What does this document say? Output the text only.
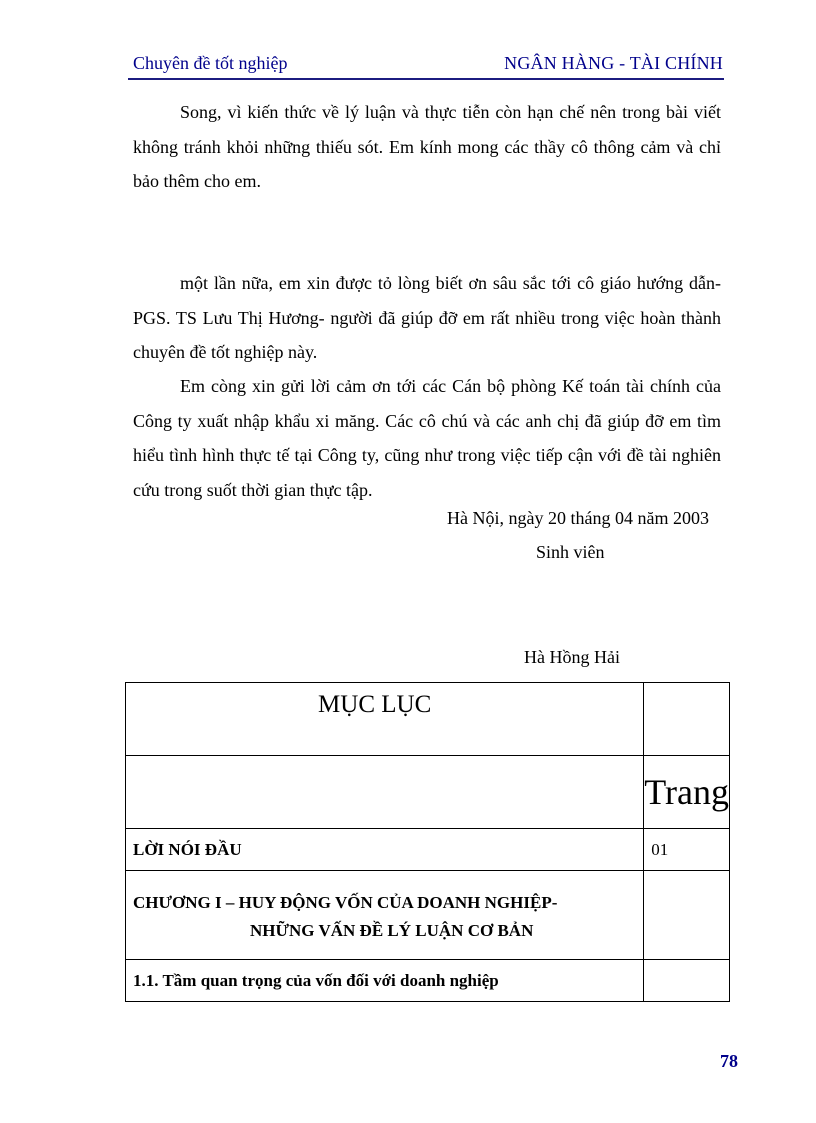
Chuyên đề tốt nghiệp	NGÂN HÀNG - TÀI CHÍNH

Song, vì kiến thức về lý luận và thực tiễn còn hạn chế nên trong bài viết không tránh khỏi những thiếu sót. Em kính mong các thầy cô thông cảm và chỉ bảo thêm cho em.

một lần nữa, em xin được tỏ lòng biết ơn sâu sắc tới cô giáo hướng dẫn- PGS. TS Lưu Thị Hương- người đã giúp đỡ em rất nhiều trong việc hoàn thành chuyên đề tốt nghiệp này.

Em còng xin gửi lời cảm ơn tới các Cán bộ phòng Kế toán tài chính của Công ty xuất nhập khẩu xi măng. Các cô chú và các anh chị đã giúp đỡ em tìm hiểu tình hình thực tế tại Công ty, cũng như trong việc tiếp cận với đề tài nghiên cứu trong suốt thời gian thực tập.

Hà Nội, ngày 20 tháng 04 năm 2003
Sinh viên
Hà Hồng Hải
MỤC LỤC	
	Trang
LỜI NÓI ĐẦU	01
CHƯƠNG I – HUY ĐỘNG VỐN CỦA DOANH NGHIỆP-
NHỮNG VẤN ĐỀ LÝ LUẬN CƠ BẢN	

1.1. Tầm quan trọng của vốn đối với doanh nghiệp	
78
